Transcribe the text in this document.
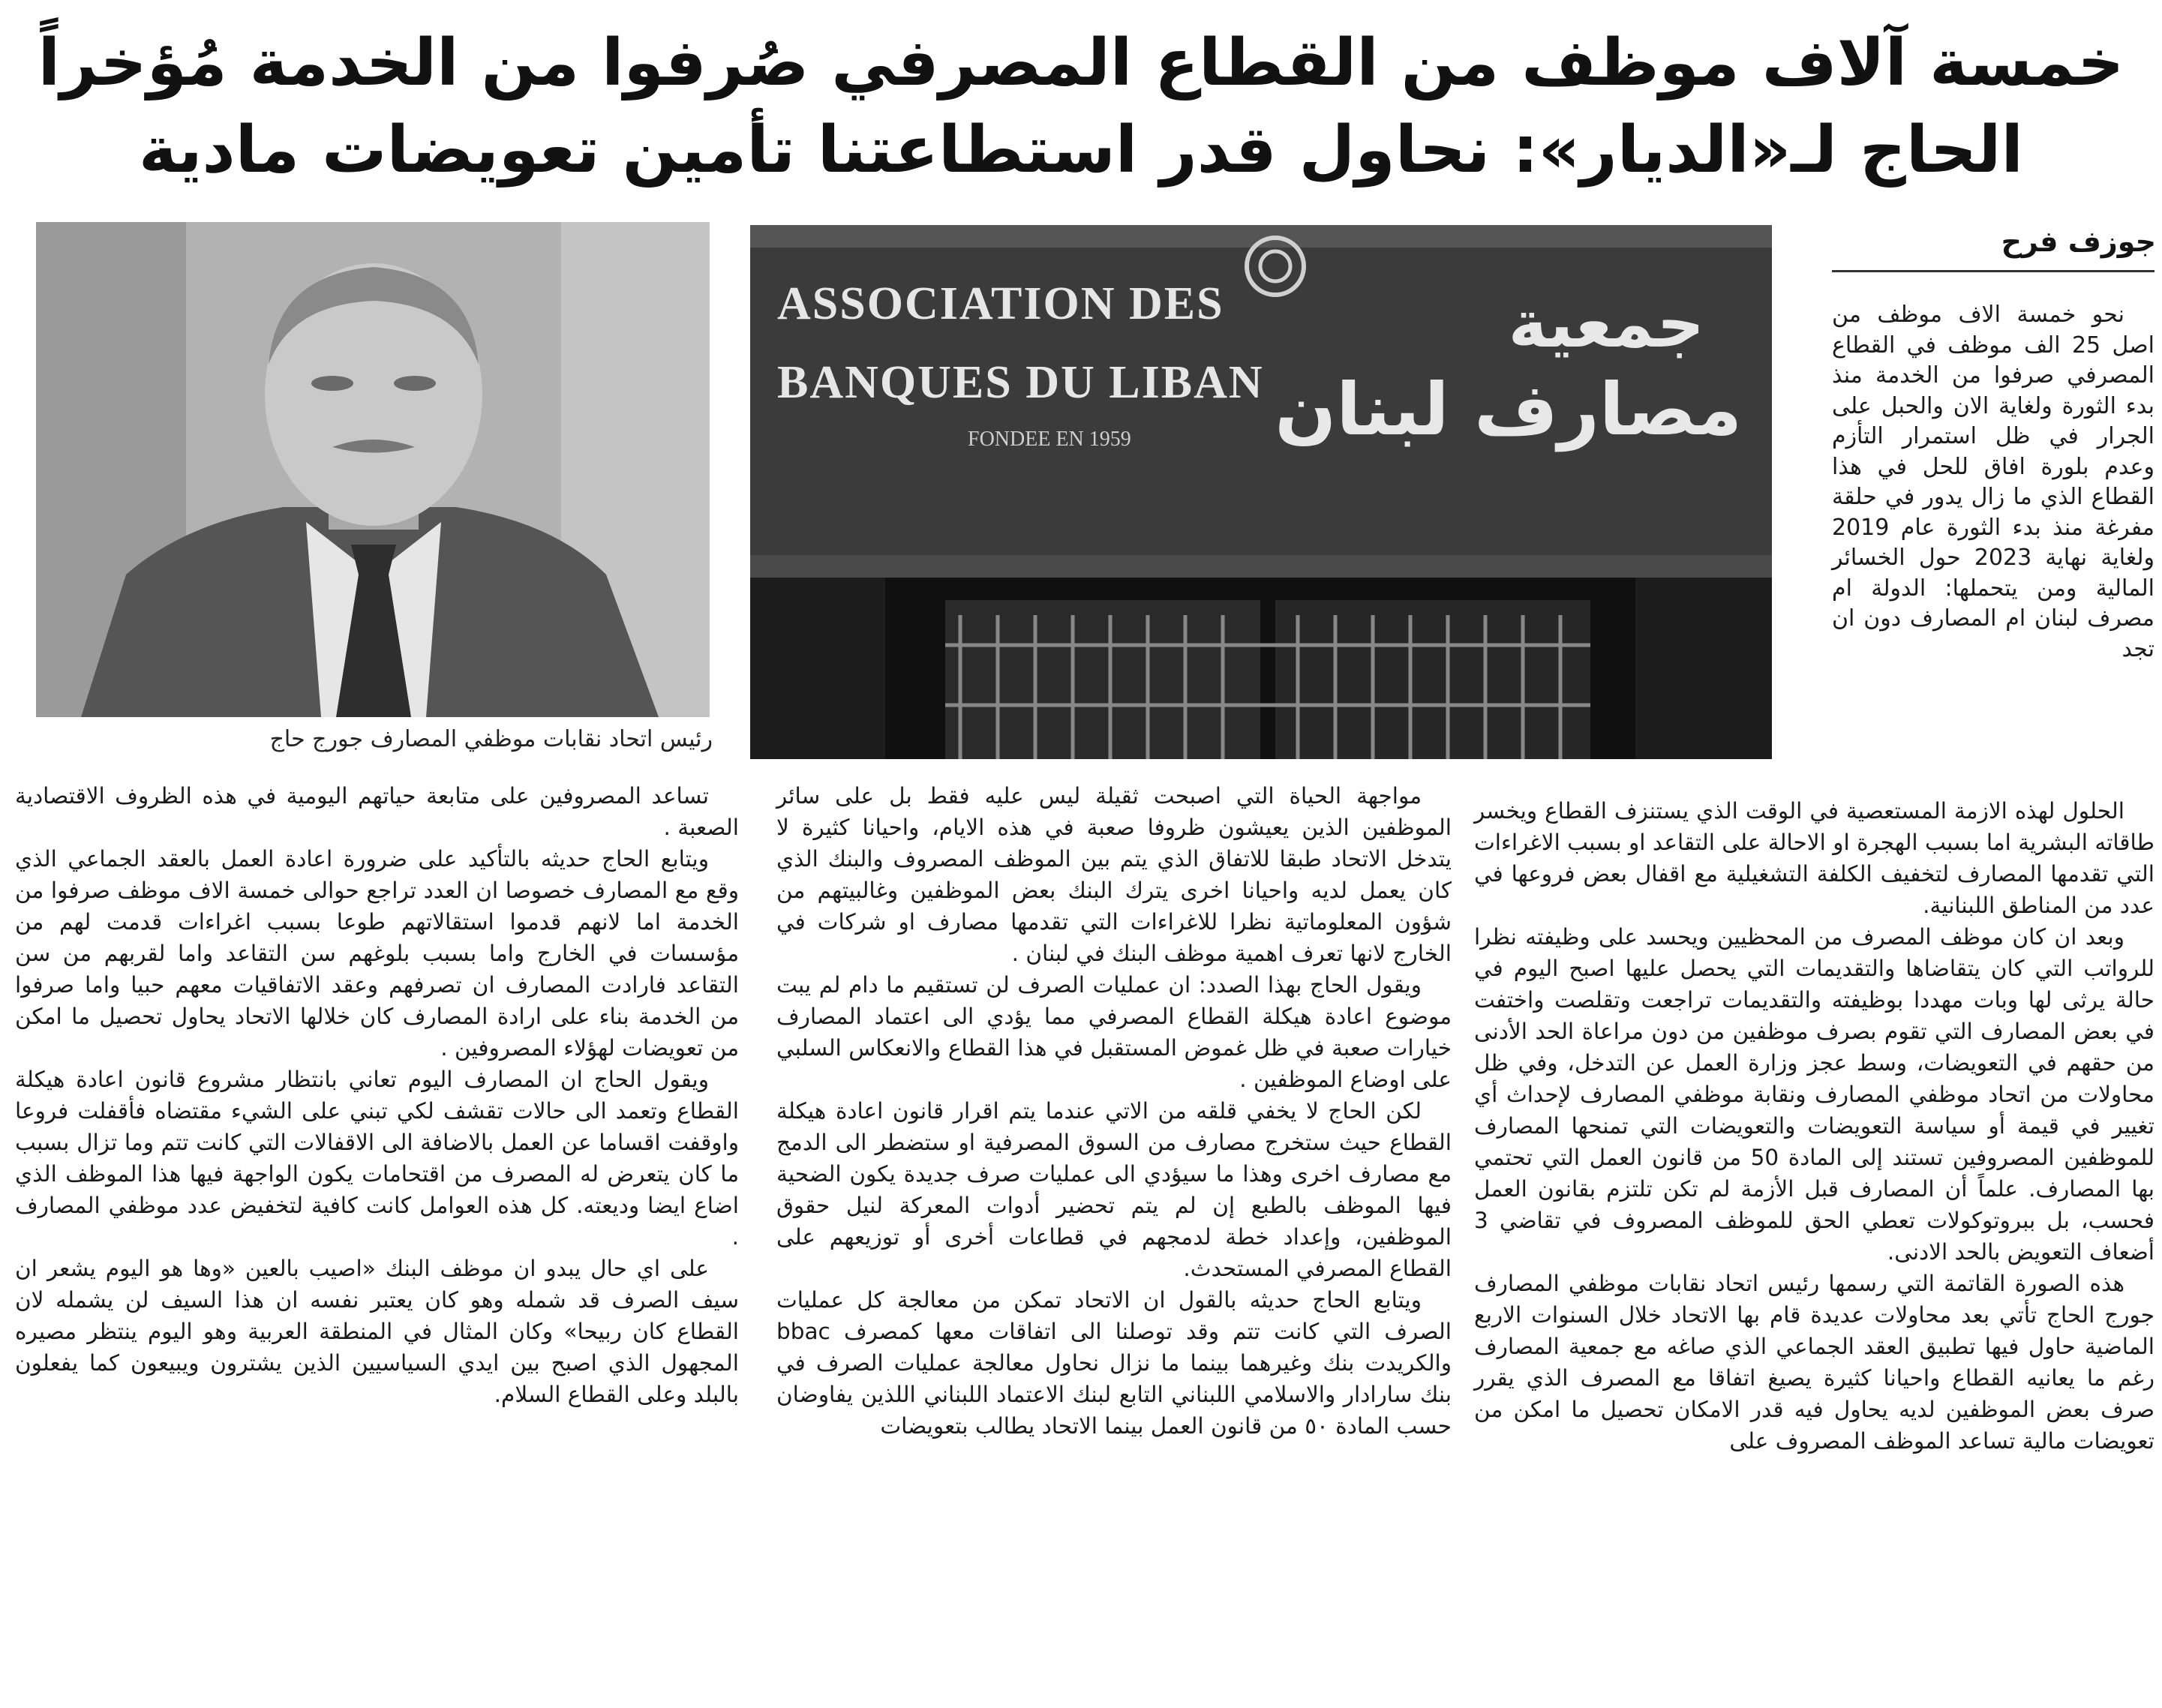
خمسة آلاف موظف من القطاع المصرفي صُرفوا من الخدمة مُؤخراً
الحاج لـ«الديار»: نحاول قدر استطاعتنا تأمين تعويضات مادية
جوزف فرح

نحو خمسة الاف موظف من اصل 25 الف موظف في القطاع المصرفي صرفوا من الخدمة منذ بدء الثورة ولغاية الان والحبل على الجرار في ظل استمرار التأزم وعدم بلورة افاق للحل في هذا القطاع الذي ما زال يدور في حلقة مفرغة منذ بدء الثورة عام 2019 ولغاية نهاية 2023 حول الخسائر المالية ومن يتحملها: الدولة ام مصرف لبنان ام المصارف دون ان تجد

ASSOCIATION DES
BANQUES DU LIBAN
FONDEE EN 1959
جمعية
مصارف لبنان
رئيس اتحاد نقابات موظفي المصارف جورج حاج

الحلول لهذه الازمة المستعصية في الوقت الذي يستنزف القطاع ويخسر طاقاته البشرية اما بسبب الهجرة او الاحالة على التقاعد او بسبب الاغراءات التي تقدمها المصارف لتخفيف الكلفة التشغيلية مع اقفال بعض فروعها في عدد من المناطق اللبنانية.

وبعد ان كان موظف المصرف من المحظيين ويحسد على وظيفته نظرا للرواتب التي كان يتقاضاها والتقديمات التي يحصل عليها اصبح اليوم في حالة يرثى لها وبات مهددا بوظيفته والتقديمات تراجعت وتقلصت واختفت في بعض المصارف التي تقوم بصرف موظفين من دون مراعاة الحد الأدنى من حقهم في التعويضات، وسط عجز وزارة العمل عن التدخل، وفي ظل محاولات من اتحاد موظفي المصارف ونقابة موظفي المصارف لإحداث أي تغيير في قيمة أو سياسة التعويضات والتعويضات التي تمنحها المصارف للموظفين المصروفين تستند إلى المادة 50 من قانون العمل التي تحتمي بها المصارف. علماً أن المصارف قبل الأزمة لم تكن تلتزم بقانون العمل فحسب، بل ببروتوكولات تعطي الحق للموظف المصروف في تقاضي 3 أضعاف التعويض بالحد الادنى.

هذه الصورة القاتمة التي رسمها رئيس اتحاد نقابات موظفي المصارف جورج الحاج تأتي بعد محاولات عديدة قام بها الاتحاد خلال السنوات الاربع الماضية حاول فيها تطبيق العقد الجماعي الذي صاغه مع جمعية المصارف رغم ما يعانيه القطاع واحيانا كثيرة يصيغ اتفاقا مع المصرف الذي يقرر صرف بعض الموظفين لديه يحاول فيه قدر الامكان تحصيل ما امكن من تعويضات مالية تساعد الموظف المصروف على

مواجهة الحياة التي اصبحت ثقيلة ليس عليه فقط بل على سائر الموظفين الذين يعيشون ظروفا صعبة في هذه الايام، واحيانا كثيرة لا يتدخل الاتحاد طبقا للاتفاق الذي يتم بين الموظف المصروف والبنك الذي كان يعمل لديه واحيانا اخرى يترك البنك بعض الموظفين وغالبيتهم من شؤون المعلوماتية نظرا للاغراءات التي تقدمها مصارف او شركات في الخارج لانها تعرف اهمية موظف البنك في لبنان .

ويقول الحاج بهذا الصدد: ان عمليات الصرف لن تستقيم ما دام لم يبت موضوع اعادة هيكلة القطاع المصرفي مما يؤدي الى اعتماد المصارف خيارات صعبة في ظل غموض المستقبل في هذا القطاع والانعكاس السلبي على اوضاع الموظفين .

لكن الحاج لا يخفي قلقه من الاتي عندما يتم اقرار قانون اعادة هيكلة القطاع حيث ستخرج مصارف من السوق المصرفية او ستضطر الى الدمج مع مصارف اخرى وهذا ما سيؤدي الى عمليات صرف جديدة يكون الضحية فيها الموظف بالطبع إن لم يتم تحضير أدوات المعركة لنيل حقوق الموظفين، وإعداد خطة لدمجهم في قطاعات أخرى أو توزيعهم على القطاع المصرفي المستحدث.

ويتابع الحاج حديثه بالقول ان الاتحاد تمكن من معالجة كل عمليات الصرف التي كانت تتم وقد توصلنا الى اتفاقات معها كمصرف bbac والكريدت بنك وغيرهما بينما ما نزال نحاول معالجة عمليات الصرف في بنك سارادار والاسلامي اللبناني التابع لبنك الاعتماد اللبناني اللذين يفاوضان حسب المادة ٥٠ من قانون العمل بينما الاتحاد يطالب بتعويضات

تساعد المصروفين على متابعة حياتهم اليومية في هذه الظروف الاقتصادية الصعبة .

ويتابع الحاج حديثه بالتأكيد على ضرورة اعادة العمل بالعقد الجماعي الذي وقع مع المصارف خصوصا ان العدد تراجع حوالى خمسة الاف موظف صرفوا من الخدمة اما لانهم قدموا استقالاتهم طوعا بسبب اغراءات قدمت لهم من مؤسسات في الخارج واما بسبب بلوغهم سن التقاعد واما لقربهم من سن التقاعد فارادت المصارف ان تصرفهم وعقد الاتفاقيات معهم حبيا واما صرفوا من الخدمة بناء على ارادة المصارف كان خلالها الاتحاد يحاول تحصيل ما امكن من تعويضات لهؤلاء المصروفين .

ويقول الحاج ان المصارف اليوم تعاني بانتظار مشروع قانون اعادة هيكلة القطاع وتعمد الى حالات تقشف لكي تبني على الشيء مقتضاه فأقفلت فروعا واوقفت اقساما عن العمل بالاضافة الى الاقفالات التي كانت تتم وما تزال بسبب ما كان يتعرض له المصرف من اقتحامات يكون الواجهة فيها هذا الموظف الذي اضاع ايضا وديعته. كل هذه العوامل كانت كافية لتخفيض عدد موظفي المصارف .

على اي حال يبدو ان موظف البنك «اصيب بالعين «وها هو اليوم يشعر ان سيف الصرف قد شمله وهو كان يعتبر نفسه ان هذا السيف لن يشمله لان القطاع كان ربيحا» وكان المثال في المنطقة العربية وهو اليوم ينتظر مصيره المجهول الذي اصبح بين ايدي السياسيين الذين يشترون ويبيعون كما يفعلون بالبلد وعلى القطاع السلام.
